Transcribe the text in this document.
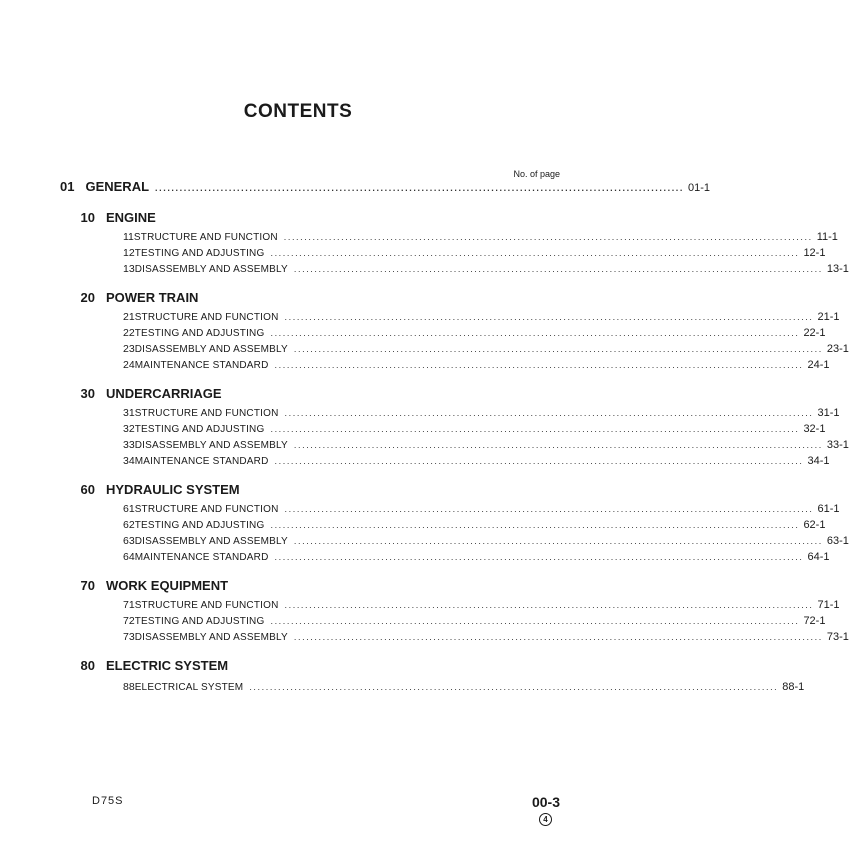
CONTENTS
No. of page
01 GENERAL ................................................................................................................................. 01-1
10 ENGINE
11 STRUCTURE AND FUNCTION ................................................................................................................................. 11-1
12 TESTING AND ADJUSTING ................................................................................................................................. 12-1
13 DISASSEMBLY AND ASSEMBLY ................................................................................................................................. 13-1
20 POWER TRAIN
21 STRUCTURE AND FUNCTION ................................................................................................................................. 21-1
22 TESTING AND ADJUSTING ................................................................................................................................. 22-1
23 DISASSEMBLY AND ASSEMBLY ................................................................................................................................. 23-1
24 MAINTENANCE STANDARD ................................................................................................................................. 24-1
30 UNDERCARRIAGE
31 STRUCTURE AND FUNCTION ................................................................................................................................. 31-1
32 TESTING AND ADJUSTING ................................................................................................................................. 32-1
33 DISASSEMBLY AND ASSEMBLY ................................................................................................................................. 33-1
34 MAINTENANCE STANDARD ................................................................................................................................. 34-1
60 HYDRAULIC SYSTEM
61 STRUCTURE AND FUNCTION ................................................................................................................................. 61-1
62 TESTING AND ADJUSTING ................................................................................................................................. 62-1
63 DISASSEMBLY AND ASSEMBLY ................................................................................................................................. 63-1
64 MAINTENANCE STANDARD ................................................................................................................................. 64-1
70 WORK EQUIPMENT
71 STRUCTURE AND FUNCTION ................................................................................................................................. 71-1
72 TESTING AND ADJUSTING ................................................................................................................................. 72-1
73 DISASSEMBLY AND ASSEMBLY ................................................................................................................................. 73-1
80 ELECTRIC SYSTEM
88 ELECTRICAL SYSTEM ................................................................................................................................. 88-1
D75S	00-3
4
